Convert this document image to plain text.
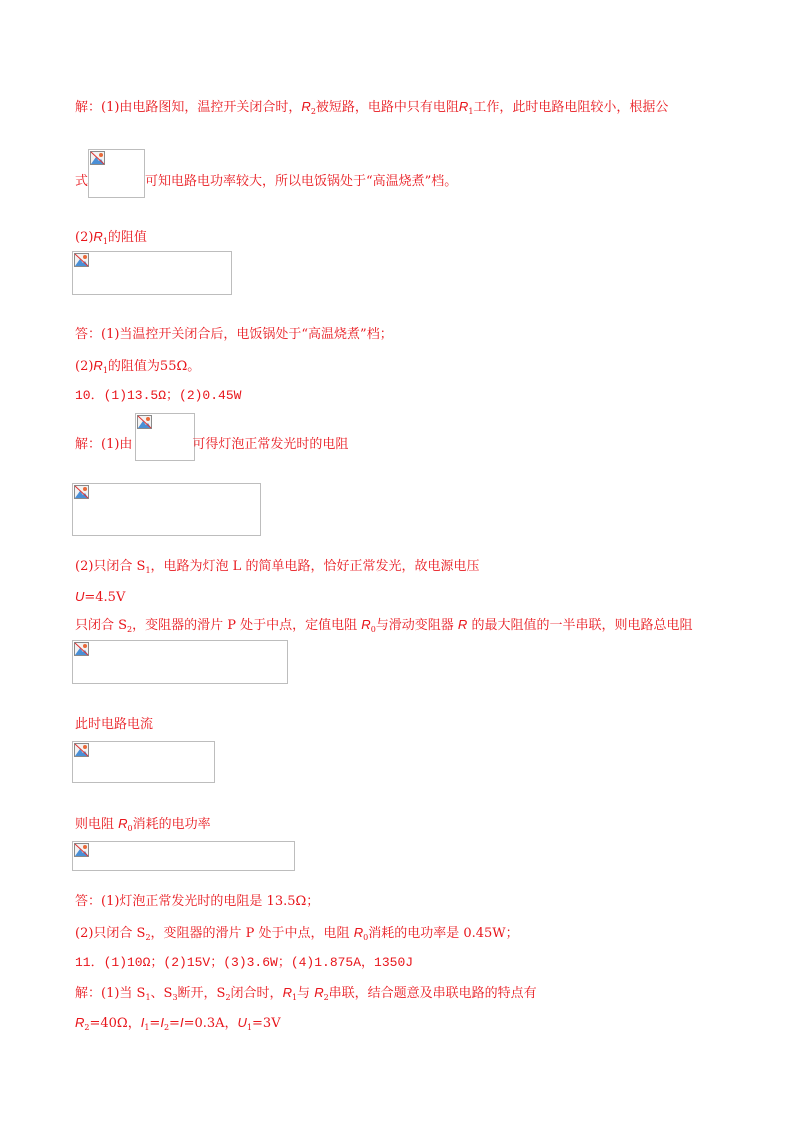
解：(1)由电路图知，温控开关闭合时，$R_2$被短路，电路中只有电阻$R_1$工作，此时电路电阻较小，根据公
式	可知电路电功率较大，所以电饭锅处于“高温烧煮”档。
$(2)R_1$的阻值
答：(1)当温控开关闭合后，电饭锅处于“高温烧煮”档；
$(2)R_1$的阻值为55Ω。
10．(1)13.5Ω；(2)0.45W
解：(1)由	可得灯泡正常发光时的电阻
(2)只闭合 $S_1$，电路为灯泡 L 的简单电路，恰好正常发光，故电源电压
U=4.5V
只闭合 $S_2$，变阻器的滑片 P 处于中点，定值电阻 $R_0$与滑动变阻器 R 的最大阻值的一半串联，则电路总电阻
此时电路电流
则电阻 $R_0$消耗的电功率
答：(1)灯泡正常发光时的电阻是 13.5Ω；
(2)只闭合 $S_2$，变阻器的滑片 P 处于中点，电阻 $R_0$消耗的电功率是 0.45W；
11．(1)10Ω；(2)15V；(3)3.6W；(4)1.875A，1350J
解：(1)当 $S_1$、$S_3$断开，$S_2$闭合时，$R_1$与 $R_2$串联，结合题意及串联电路的特点有
$R_2=40\Omega$，$I_1=I_2=I=0.3A$，$U_1=3V$
